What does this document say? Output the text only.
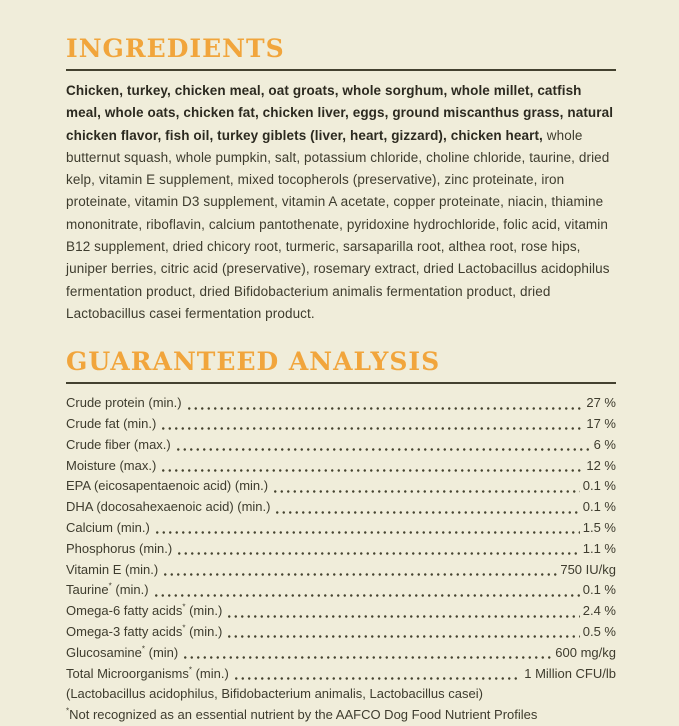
INGREDIENTS

Chicken, turkey, chicken meal, oat groats, whole sorghum, whole millet, catfish meal, whole oats, chicken fat, chicken liver, eggs, ground miscanthus grass, natural chicken flavor, fish oil, turkey giblets (liver, heart, gizzard), chicken heart, whole butternut squash, whole pumpkin, salt, potassium chloride, choline chloride, taurine, dried kelp, vitamin E supplement, mixed tocopherols (preservative), zinc proteinate, iron proteinate, vitamin D3 supplement, vitamin A acetate, copper proteinate, niacin, thiamine mononitrate, riboflavin, calcium pantothenate, pyridoxine hydrochloride, folic acid, vitamin B12 supplement, dried chicory root, turmeric, sarsaparilla root, althea root, rose hips, juniper berries, citric acid (preservative), rosemary extract, dried Lactobacillus acidophilus fermentation product, dried Bifidobacterium animalis fermentation product, dried Lactobacillus casei fermentation product.

GUARANTEED ANALYSIS
Crude protein (min.)	27 %
Crude fat (min.)	17 %
Crude fiber (max.)	6 %
Moisture (max.)	12 %
EPA (eicosapentaenoic acid) (min.)	0.1 %
DHA (docosahexaenoic acid) (min.)	0.1 %
Calcium (min.)	1.5 %
Phosphorus (min.)	1.1 %
Vitamin E (min.)	750 IU/kg
Taurine* (min.)	0.1 %
Omega-6 fatty acids* (min.)	2.4 %
Omega-3 fatty acids* (min.)	0.5 %
Glucosamine* (min)	600 mg/kg
Total Microorganisms* (min.)	1 Million CFU/lb

(Lactobacillus acidophilus, Bifidobacterium animalis, Lactobacillus casei)

*Not recognized as an essential nutrient by the AAFCO Dog Food Nutrient Profiles
